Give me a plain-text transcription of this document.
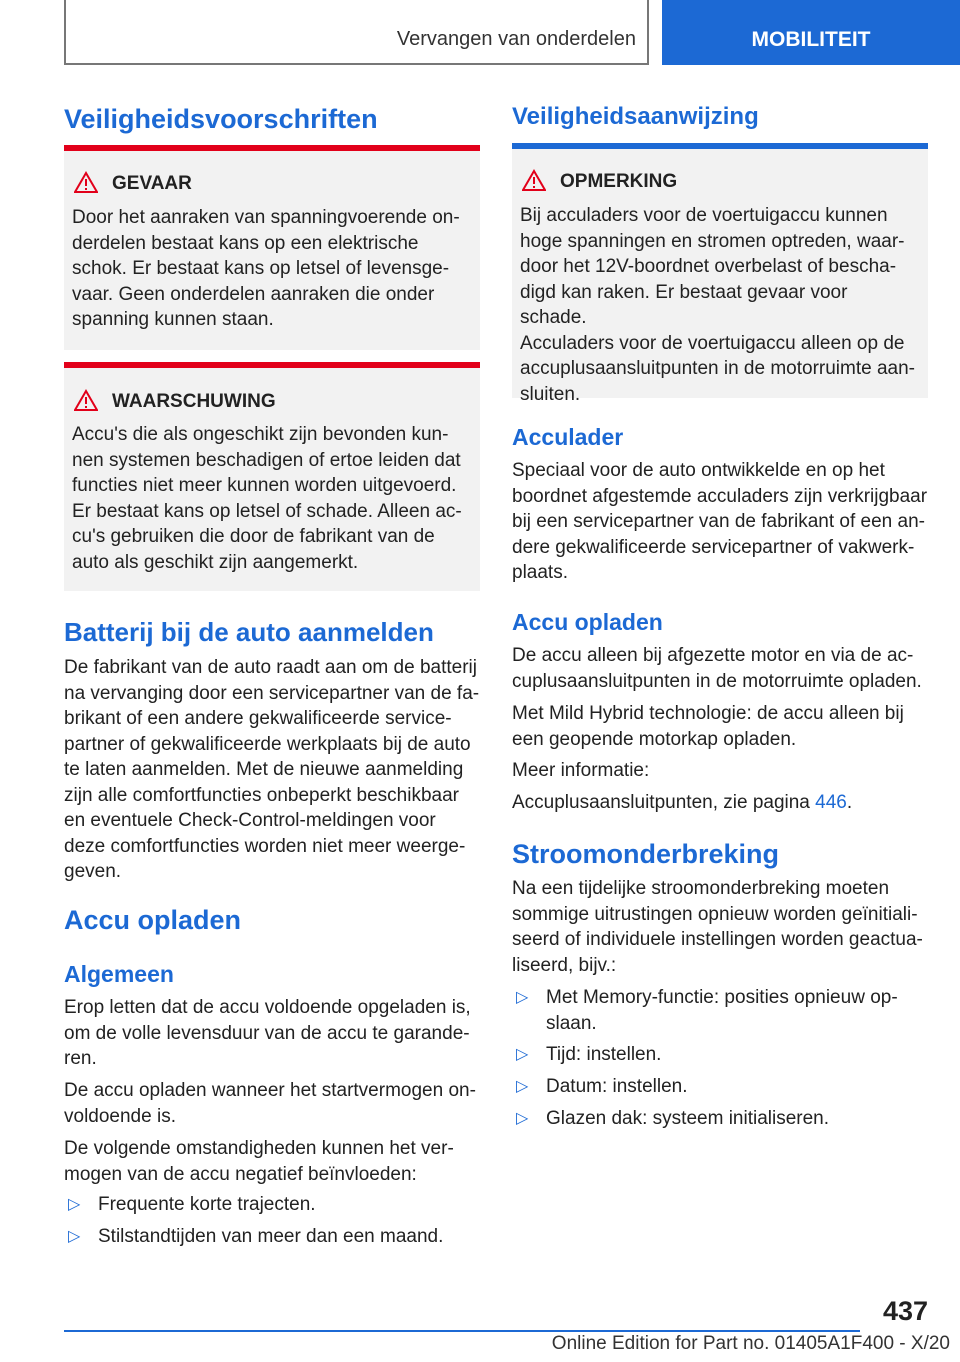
Vervangen van onderdelen	MOBILITEIT
Veiligheidsvoorschriften
GEVAAR
Door het aanraken van spanningvoerende on-
derdelen bestaat kans op een elektrische
schok. Er bestaat kans op letsel of levensge-
vaar. Geen onderdelen aanraken die onder
spanning kunnen staan.
WAARSCHUWING
Accu's die als ongeschikt zijn bevonden kun-
nen systemen beschadigen of ertoe leiden dat
functies niet meer kunnen worden uitgevoerd.
Er bestaat kans op letsel of schade. Alleen ac-
cu's gebruiken die door de fabrikant van de
auto als geschikt zijn aangemerkt.
Batterij bij de auto aanmelden
De fabrikant van de auto raadt aan om de batterij
na vervanging door een servicepartner van de fa-
brikant of een andere gekwalificeerde service-
partner of gekwalificeerde werkplaats bij de auto
te laten aanmelden. Met de nieuwe aanmelding
zijn alle comfortfuncties onbeperkt beschikbaar
en eventuele Check-Control-meldingen voor
deze comfortfuncties worden niet meer weerge-
geven.
Accu opladen
Algemeen
Erop letten dat de accu voldoende opgeladen is,
om de volle levensduur van de accu te garande-
ren.
De accu opladen wanneer het startvermogen on-
voldoende is.
De volgende omstandigheden kunnen het ver-
mogen van de accu negatief beïnvloeden:
▷ Frequente korte trajecten.
▷ Stilstandtijden van meer dan een maand.
Veiligheidsaanwijzing
OPMERKING
Bij acculaders voor de voertuigaccu kunnen
hoge spanningen en stromen optreden, waar-
door het 12V-boordnet overbelast of bescha-
digd kan raken. Er bestaat gevaar voor schade.
Acculaders voor de voertuigaccu alleen op de
accuplusaansluitpunten in de motorruimte aan-
sluiten.
Acculader
Speciaal voor de auto ontwikkelde en op het
boordnet afgestemde acculaders zijn verkrijgbaar
bij een servicepartner van de fabrikant of een an-
dere gekwalificeerde servicepartner of vakwerk-
plaats.
Accu opladen
De accu alleen bij afgezette motor en via de ac-
cuplusaansluitpunten in de motorruimte opladen.
Met Mild Hybrid technologie: de accu alleen bij
een geopende motorkap opladen.
Meer informatie:
Accuplusaansluitpunten, zie pagina 446.
Stroomonderbreking
Na een tijdelijke stroomonderbreking moeten
sommige uitrustingen opnieuw worden geïnitiali-
seerd of individuele instellingen worden geactua-
liseerd, bijv.:
▷ Met Memory-functie: posities opnieuw op-
slaan.
▷ Tijd: instellen.
▷ Datum: instellen.
▷ Glazen dak: systeem initialiseren.
437
Online Edition for Part no. 01405A1F400 - X/20
